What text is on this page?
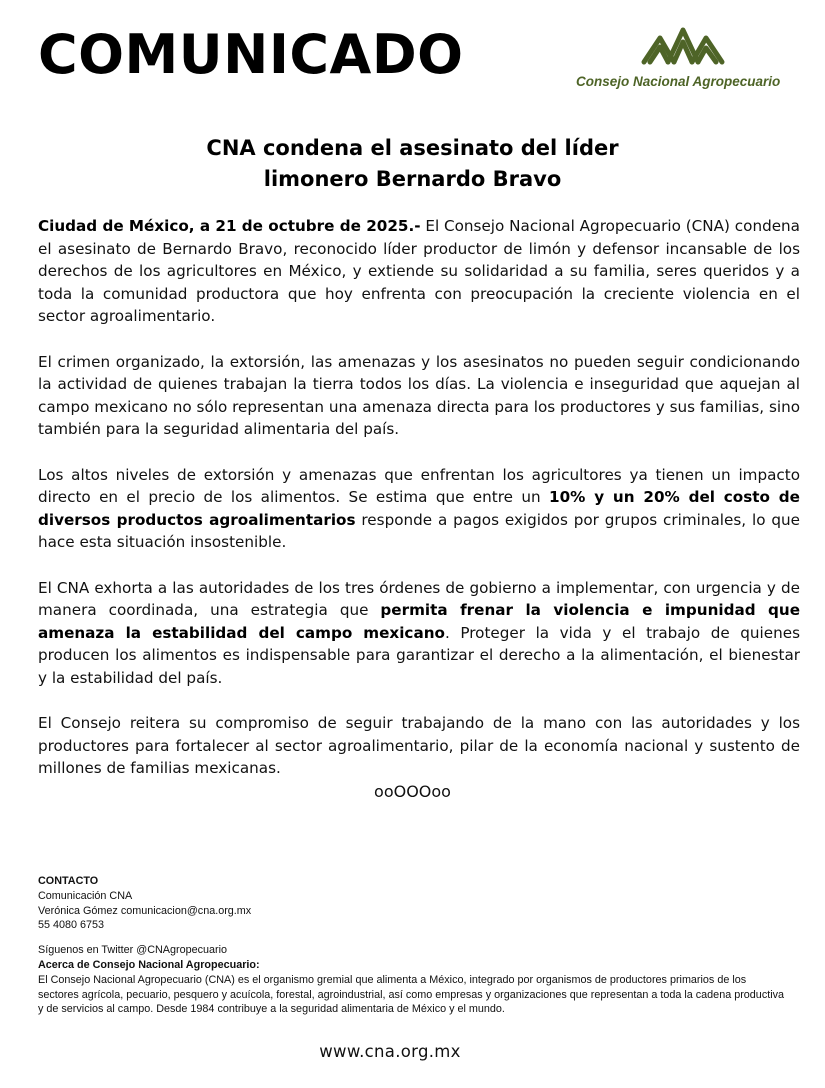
COMUNICADO	Consejo Nacional Agropecuario
CNA condena el asesinato del líder
limonero Bernardo Bravo

Ciudad de México, a 21 de octubre de 2025.- El Consejo Nacional Agropecuario (CNA) condena el asesinato de Bernardo Bravo, reconocido líder productor de limón y defensor incansable de los derechos de los agricultores en México, y extiende su solidaridad a su familia, seres queridos y a toda la comunidad productora que hoy enfrenta con preocupación la creciente violencia en el sector agroalimentario.

El crimen organizado, la extorsión, las amenazas y los asesinatos no pueden seguir condicionando la actividad de quienes trabajan la tierra todos los días. La violencia e inseguridad que aquejan al campo mexicano no sólo representan una amenaza directa para los productores y sus familias, sino también para la seguridad alimentaria del país.

Los altos niveles de extorsión y amenazas que enfrentan los agricultores ya tienen un impacto directo en el precio de los alimentos. Se estima que entre un 10% y un 20% del costo de diversos productos agroalimentarios responde a pagos exigidos por grupos criminales, lo que hace esta situación insostenible.

El CNA exhorta a las autoridades de los tres órdenes de gobierno a implementar, con urgencia y de manera coordinada, una estrategia que permita frenar la violencia e impunidad que amenaza la estabilidad del campo mexicano. Proteger la vida y el trabajo de quienes producen los alimentos es indispensable para garantizar el derecho a la alimentación, el bienestar y la estabilidad del país.

El Consejo reitera su compromiso de seguir trabajando de la mano con las autoridades y los productores para fortalecer al sector agroalimentario, pilar de la economía nacional y sustento de millones de familias mexicanas.

ooOOOoo
CONTACTO
Comunicación CNA
Verónica Gómez comunicacion@cna.org.mx
55 4080 6753
Síguenos en Twitter @CNAgropecuario
Acerca de Consejo Nacional Agropecuario:
El Consejo Nacional Agropecuario (CNA) es el organismo gremial que alimenta a México, integrado por organismos de productores primarios de los sectores agrícola, pecuario, pesquero y acuícola, forestal, agroindustrial, así como empresas y organizaciones que representan a toda la cadena productiva y de servicios al campo. Desde 1984 contribuye a la seguridad alimentaria de México y el mundo.
www.cna.org.mx
